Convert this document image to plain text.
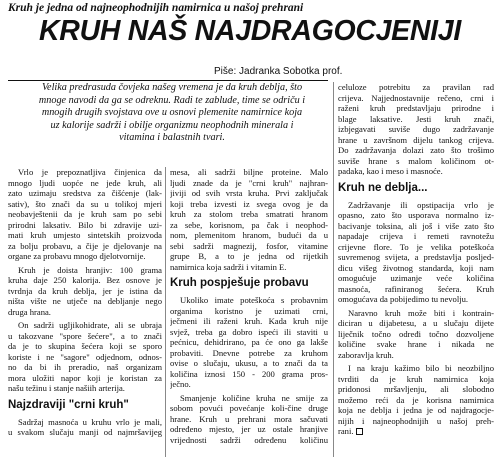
Kruh je jedna od najneophodnijih namirnica u našoj prehrani
KRUH NAŠ NAJDRAGOCJENIJI
Piše: Jadranka Sobotka prof.
Velika predrasuda čovjeka našeg vremena je da kruh deblja, što
mnoge navodi da ga se odreknu. Radi te zablude, time se odriču i
mnogih drugih svojstava ove u osnovi plemenite namirnice koja
uz kalorije sadrži i obilje organizmu neophodnih minerala i
vitamina i balastnih tvari.
Vrlo je prepoznatljiva činjenica da
mnogo ljudi uopće ne jede kruh, ali
zato uzimaju sredstva za čišćenje (lak-
sativ), što znači da su u tolikoj mjeri
neobavještenii da je kruh sam po sebi
prirodni laksativ. Bilo bi zdravije uzi-
mati kruh umjesto sintetskih proizvoda
za bolju probavu, a čije je djelovanje na
organe za probavu mnogo djelotvornije.
Kruh je doista hranjiv: 100 grama
kruha daje 250 kalorija. Bez osnove je
tvrdnja da kruh deblja, jer je istina da
ništa vište ne utječe na debljanje nego
druga hrana.
On sadrži ugljikohidrate, ali se ubraja
u takozvane "spore šećere", a to znači
da je to skupina šećera koji se sporo
koriste i ne "sagore" odjednom, odnos-
no da bi ih preradio, naš organizam
mora uložiti napor koji je koristan za
našu težinu i stanje našiih arterija.
Najzdraviji "crni kruh"
Sadržaj masnoća u kruhu vrlo je mali,
u svakom slučaju manji od najmršavijeg
mesa, ali sadrži biljne proteine. Malo
ljudi znade da je "crni kruh" najhran-
jiviji od svih vrsta kruha. Prvi zaključak
koji treba izvesti iz svega ovog je da
kruh za stolom treba smatrati hranom
za sebe, korisnom, pa čak i neophod-
nom, plemenitom hranom, budući da u
sebi sadrži magnezij, fosfor, vitamine
grupe B, a to je jedna od rijetkih
namirnica koja sadrži i vitamin E.
Kruh pospješuje probavu
Ukoliko imate poteškoća s probavnim
organima koristno je uzimati crni,
ječmeni ili raženi kruh. Kada kruh nije
svjež, treba ga dobro ispeći ili staviti u
pećnicu, dehidrirano, pa će ono ga lakše
probaviti. Dnevne potrebe za kruhom
ovise o slučaju, ukusu, a to znači da ta
količina iznosi 150 - 200 grama pros-
ječno.
Smanjenje količine kruha ne smije za
sobom povući povećanje koli-čine druge
hrane. Kruh u prehrani mora sačuvati
određeno mjesto, jer uz ostale hranjive
vrijednosti sadrži određenu količinu
celuloze potrebitu za pravilan rad
crijeva. Najjednostavnije rečeno, crni i
raženi kruh predstavljaju prirodne i
blage laksative. Jesti kruh znači,
izbjegavati suviše dugo zadržavanje
hrane u završnom dijelu tankog crijeva.
Do zadržavanja dolazi zato što trošimo
suviše hrane s malom količinom ot-
padaka, kao i meso i masnoće.
Kruh ne deblja...
Zadržavanje ili opstipacija vrlo je
opasno, zato što usporava normalno iz-
bacivanje toksina, ali još i više zato što
napadaje crijeva i remeti ravnotežu
crijevne flore. To je velika poteškoća
suvremenog svijeta, a predstavlja posljed-
dicu višeg životnog standarda, koji nam
omogućuje uzimanje veće količina
masnoća, rafiniranog šećera. Kruh
omogućava da pobijedimo tu nevolju.
Naravno kruh može biti i kontrain-
diciran u dijabetesu, a u slučaju dijete
liječnik točno određi točno dozvoljene
količine svake hrane i nikada ne
zaboravlja kruh.
I na kraju kažimo bilo bi neozbiljno
tvrditi da je kruh namirnica koja
pridonosi mršavljenju, ali slobodno
možemo reći da je korisna namirnica
koja ne deblja i jedna je od najdragocje-
nijih i najneophodnijih u našoj preh-
rani.
